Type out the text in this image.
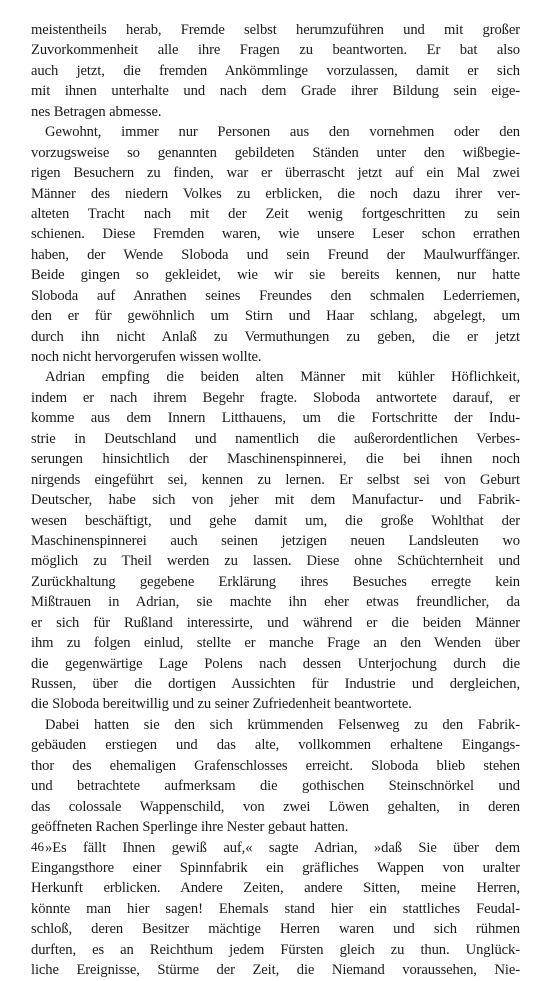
meistentheils herab, Fremde selbst herumzuführen und mit großer
Zuvorkommenheit alle ihre Fragen zu beantworten. Er bat also
auch jetzt, die fremden Ankömmlinge vorzulassen, damit er sich
mit ihnen unterhalte und nach dem Grade ihrer Bildung sein eige-
nes Betragen abmesse.
Gewohnt, immer nur Personen aus den vornehmen oder den
vorzugsweise so genannten gebildeten Ständen unter den wißbegie-
rigen Besuchern zu finden, war er überrascht jetzt auf ein Mal zwei
Männer des niedern Volkes zu erblicken, die noch dazu ihrer ver-
alteten Tracht nach mit der Zeit wenig fortgeschritten zu sein
schienen. Diese Fremden waren, wie unsere Leser schon errathen
haben, der Wende Sloboda und sein Freund der Maulwurffänger.
Beide gingen so gekleidet, wie wir sie bereits kennen, nur hatte
Sloboda auf Anrathen seines Freundes den schmalen Lederriemen,
den er für gewöhnlich um Stirn und Haar schlang, abgelegt, um
durch ihn nicht Anlaß zu Vermuthungen zu geben, die er jetzt
noch nicht hervorgerufen wissen wollte.
Adrian empfing die beiden alten Männer mit kühler Höflichkeit,
indem er nach ihrem Begehr fragte. Sloboda antwortete darauf, er
komme aus dem Innern Litthauens, um die Fortschritte der Indu-
strie in Deutschland und namentlich die außerordentlichen Verbes-
serungen hinsichtlich der Maschinenspinnerei, die bei ihnen noch
nirgends eingeführt sei, kennen zu lernen. Er selbst sei von Geburt
Deutscher, habe sich von jeher mit dem Manufactur- und Fabrik-
wesen beschäftigt, und gehe damit um, die große Wohlthat der
Maschinenspinnerei auch seinen jetzigen neuen Landsleuten wo
möglich zu Theil werden zu lassen. Diese ohne Schüchternheit und
Zurückhaltung gegebene Erklärung ihres Besuches erregte kein
Mißtrauen in Adrian, sie machte ihn eher etwas freundlicher, da
er sich für Rußland interessirte, und während er die beiden Männer
ihm zu folgen einlud, stellte er manche Frage an den Wenden über
die gegenwärtige Lage Polens nach dessen Unterjochung durch die
Russen, über die dortigen Aussichten für Industrie und dergleichen,
die Sloboda bereitwillig und zu seiner Zufriedenheit beantwortete.
Dabei hatten sie den sich krümmenden Felsenweg zu den Fabrik-
gebäuden erstiegen und das alte, vollkommen erhaltene Eingangs-
thor des ehemaligen Grafenschlosses erreicht. Sloboda blieb stehen
und betrachtete aufmerksam die gothischen Steinschnörkel und
das colossale Wappenschild, von zwei Löwen gehalten, in deren
geöffneten Rachen Sperlinge ihre Nester gebaut hatten.
»Es fällt Ihnen gewiß auf,« sagte Adrian, »daß Sie über dem
Eingangsthore einer Spinnfabrik ein gräfliches Wappen von uralter
Herkunft erblicken. Andere Zeiten, andere Sitten, meine Herren,
könnte man hier sagen! Ehemals stand hier ein stattliches Feudal-
schloß, deren Besitzer mächtige Herren waren und sich rühmen
durften, es an Reichthum jedem Fürsten gleich zu thun. Unglück-
liche Ereignisse, Stürme der Zeit, die Niemand voraussehen, Nie-
46
